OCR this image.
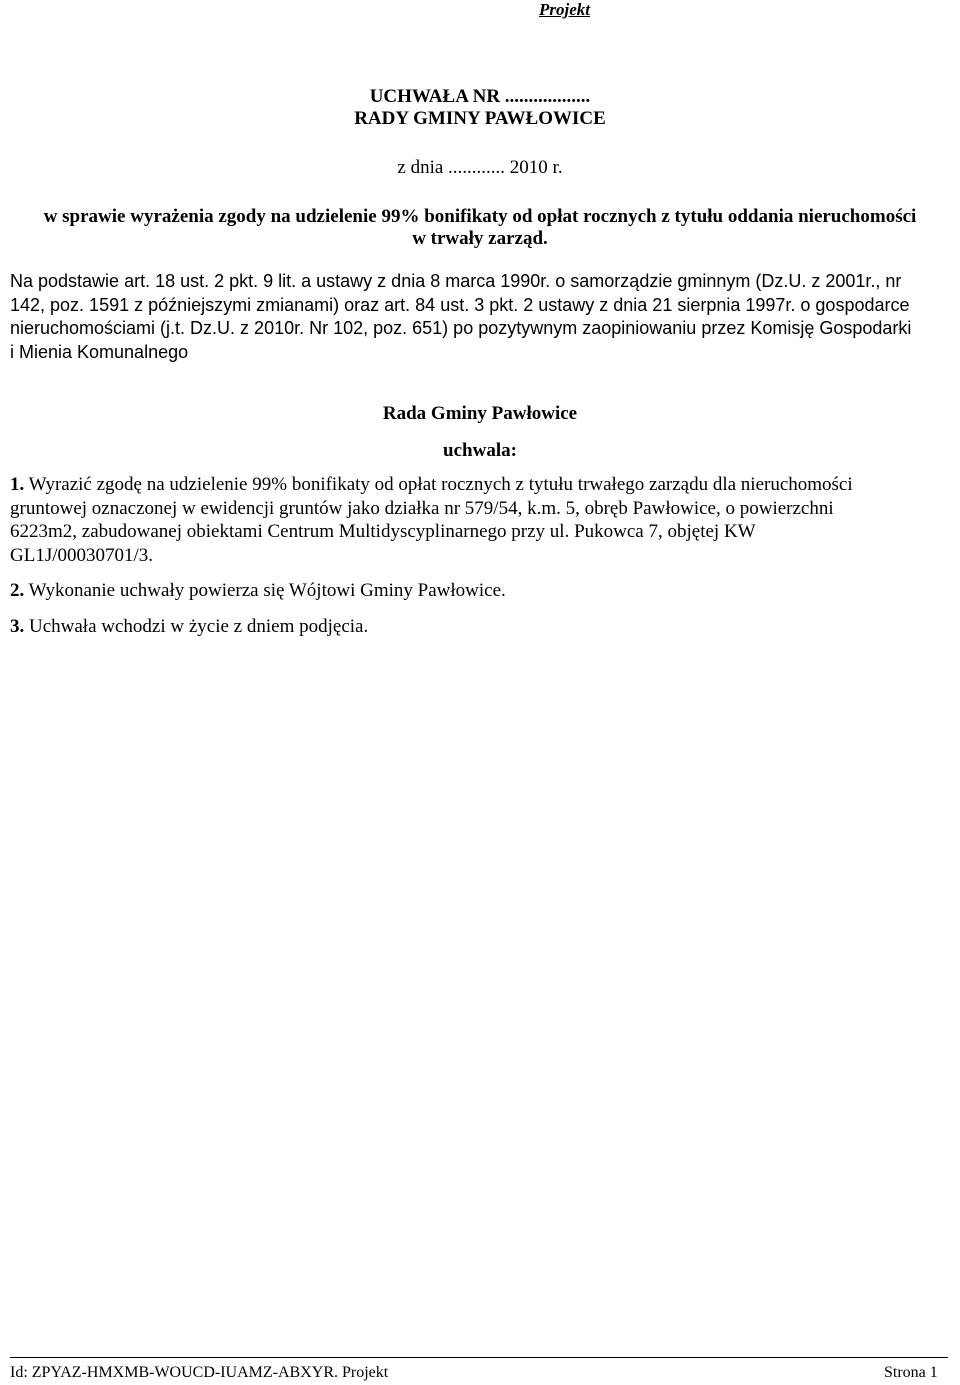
Projekt
UCHWAŁA NR ..................
RADY GMINY PAWŁOWICE
z dnia ............ 2010 r.
w sprawie wyrażenia zgody na udzielenie 99% bonifikaty od opłat rocznych z tytułu oddania nieruchomości
w trwały zarząd.
Na podstawie art. 18 ust. 2 pkt. 9 lit. a ustawy z dnia 8 marca 1990r. o samorządzie gminnym (Dz.U. z 2001r., nr
142, poz. 1591 z późniejszymi zmianami) oraz art. 84 ust. 3 pkt. 2 ustawy z dnia 21 sierpnia 1997r. o gospodarce
nieruchomościami (j.t. Dz.U. z 2010r. Nr 102, poz. 651) po pozytywnym zaopiniowaniu przez Komisję Gospodarki
i Mienia Komunalnego
Rada Gminy Pawłowice
uchwala:
1. Wyrazić zgodę na udzielenie 99% bonifikaty od opłat rocznych z tytułu trwałego zarządu dla nieruchomości
gruntowej oznaczonej w ewidencji gruntów jako działka nr 579/54, k.m. 5, obręb Pawłowice, o powierzchni
6223m2, zabudowanej obiektami Centrum Multidyscyplinarnego przy ul. Pukowca 7, objętej KW
GL1J/00030701/3.
2. Wykonanie uchwały powierza się Wójtowi Gminy Pawłowice.
3. Uchwała wchodzi w życie z dniem podjęcia.
Id: ZPYAZ-HMXMB-WOUCD-IUAMZ-ABXYR. Projekt	Strona 1
